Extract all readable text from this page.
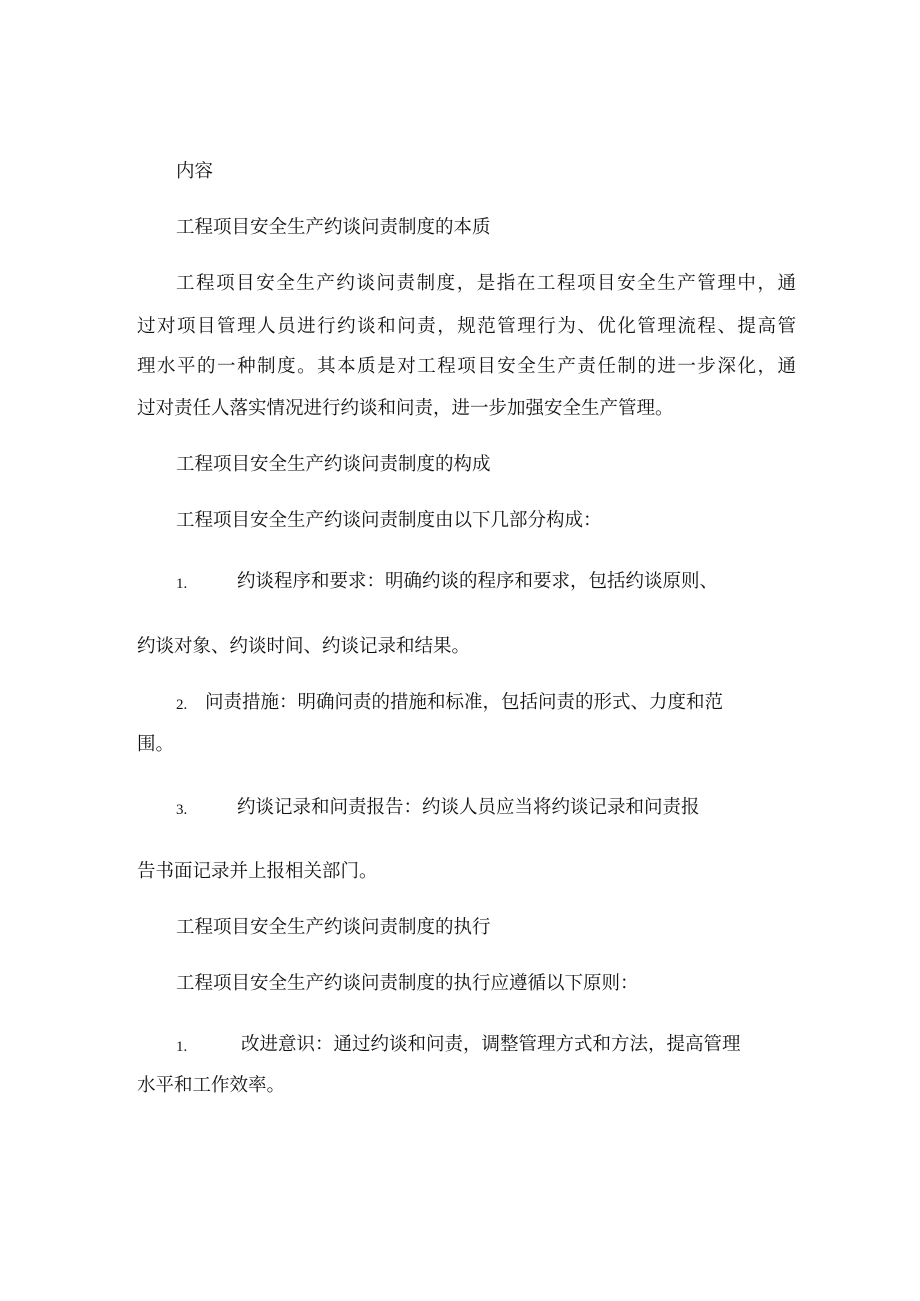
内容

工程项目安全生产约谈问责制度的本质

工程项目安全生产约谈问责制度，是指在工程项目安全生产管理中，通

过对项目管理人员进行约谈和问责，规范管理行为、优化管理流程、提高管

理水平的一种制度。其本质是对工程项目安全生产责任制的进一步深化，通

过对责任人落实情况进行约谈和问责，进一步加强安全生产管理。

工程项目安全生产约谈问责制度的构成

工程项目安全生产约谈问责制度由以下几部分构成：

1.	约谈程序和要求：明确约谈的程序和要求，包括约谈原则、

约谈对象、约谈时间、约谈记录和结果。

2. 问责措施：明确问责的措施和标准，包括问责的形式、力度和范

围。

3.	约谈记录和问责报告：约谈人员应当将约谈记录和问责报

告书面记录并上报相关部门。

工程项目安全生产约谈问责制度的执行

工程项目安全生产约谈问责制度的执行应遵循以下原则：

1.	改进意识：通过约谈和问责，调整管理方式和方法，提高管理

水平和工作效率。
